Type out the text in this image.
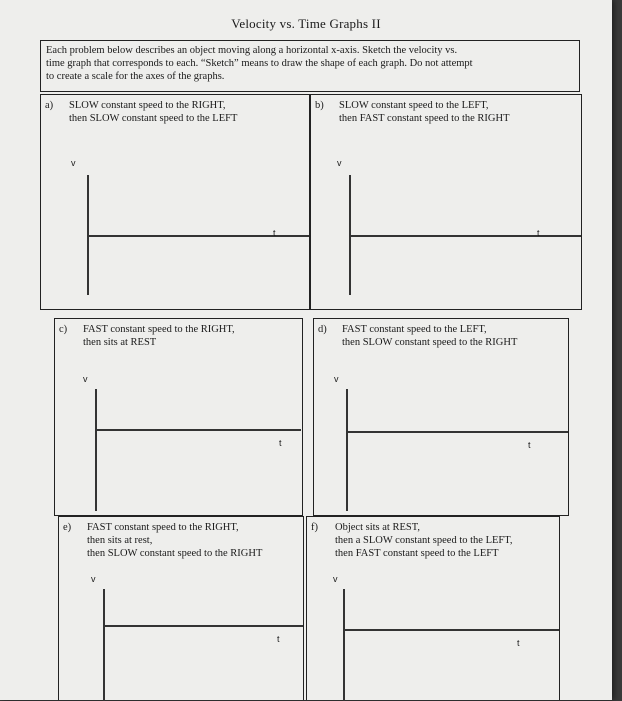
Velocity vs. Time Graphs II

Each problem below describes an object moving along a horizontal x-axis. Sketch the velocity vs.

time graph that corresponds to each. “Sketch” means to draw the shape of each graph. Do not attempt

to create a scale for the axes of the graphs.

a) SLOW constant speed to the RIGHT,
then SLOW constant speed to the LEFT
v
t
b) SLOW constant speed to the LEFT,
then FAST constant speed to the RIGHT
v
t
c) FAST constant speed to the RIGHT,
then sits at REST
v
t
d) FAST constant speed to the LEFT,
then SLOW constant speed to the RIGHT
v
t
e) FAST constant speed to the RIGHT,
then sits at rest,
then SLOW constant speed to the RIGHT
v
t
f) Object sits at REST,
then a SLOW constant speed to the LEFT,
then FAST constant speed to the LEFT
v
t
